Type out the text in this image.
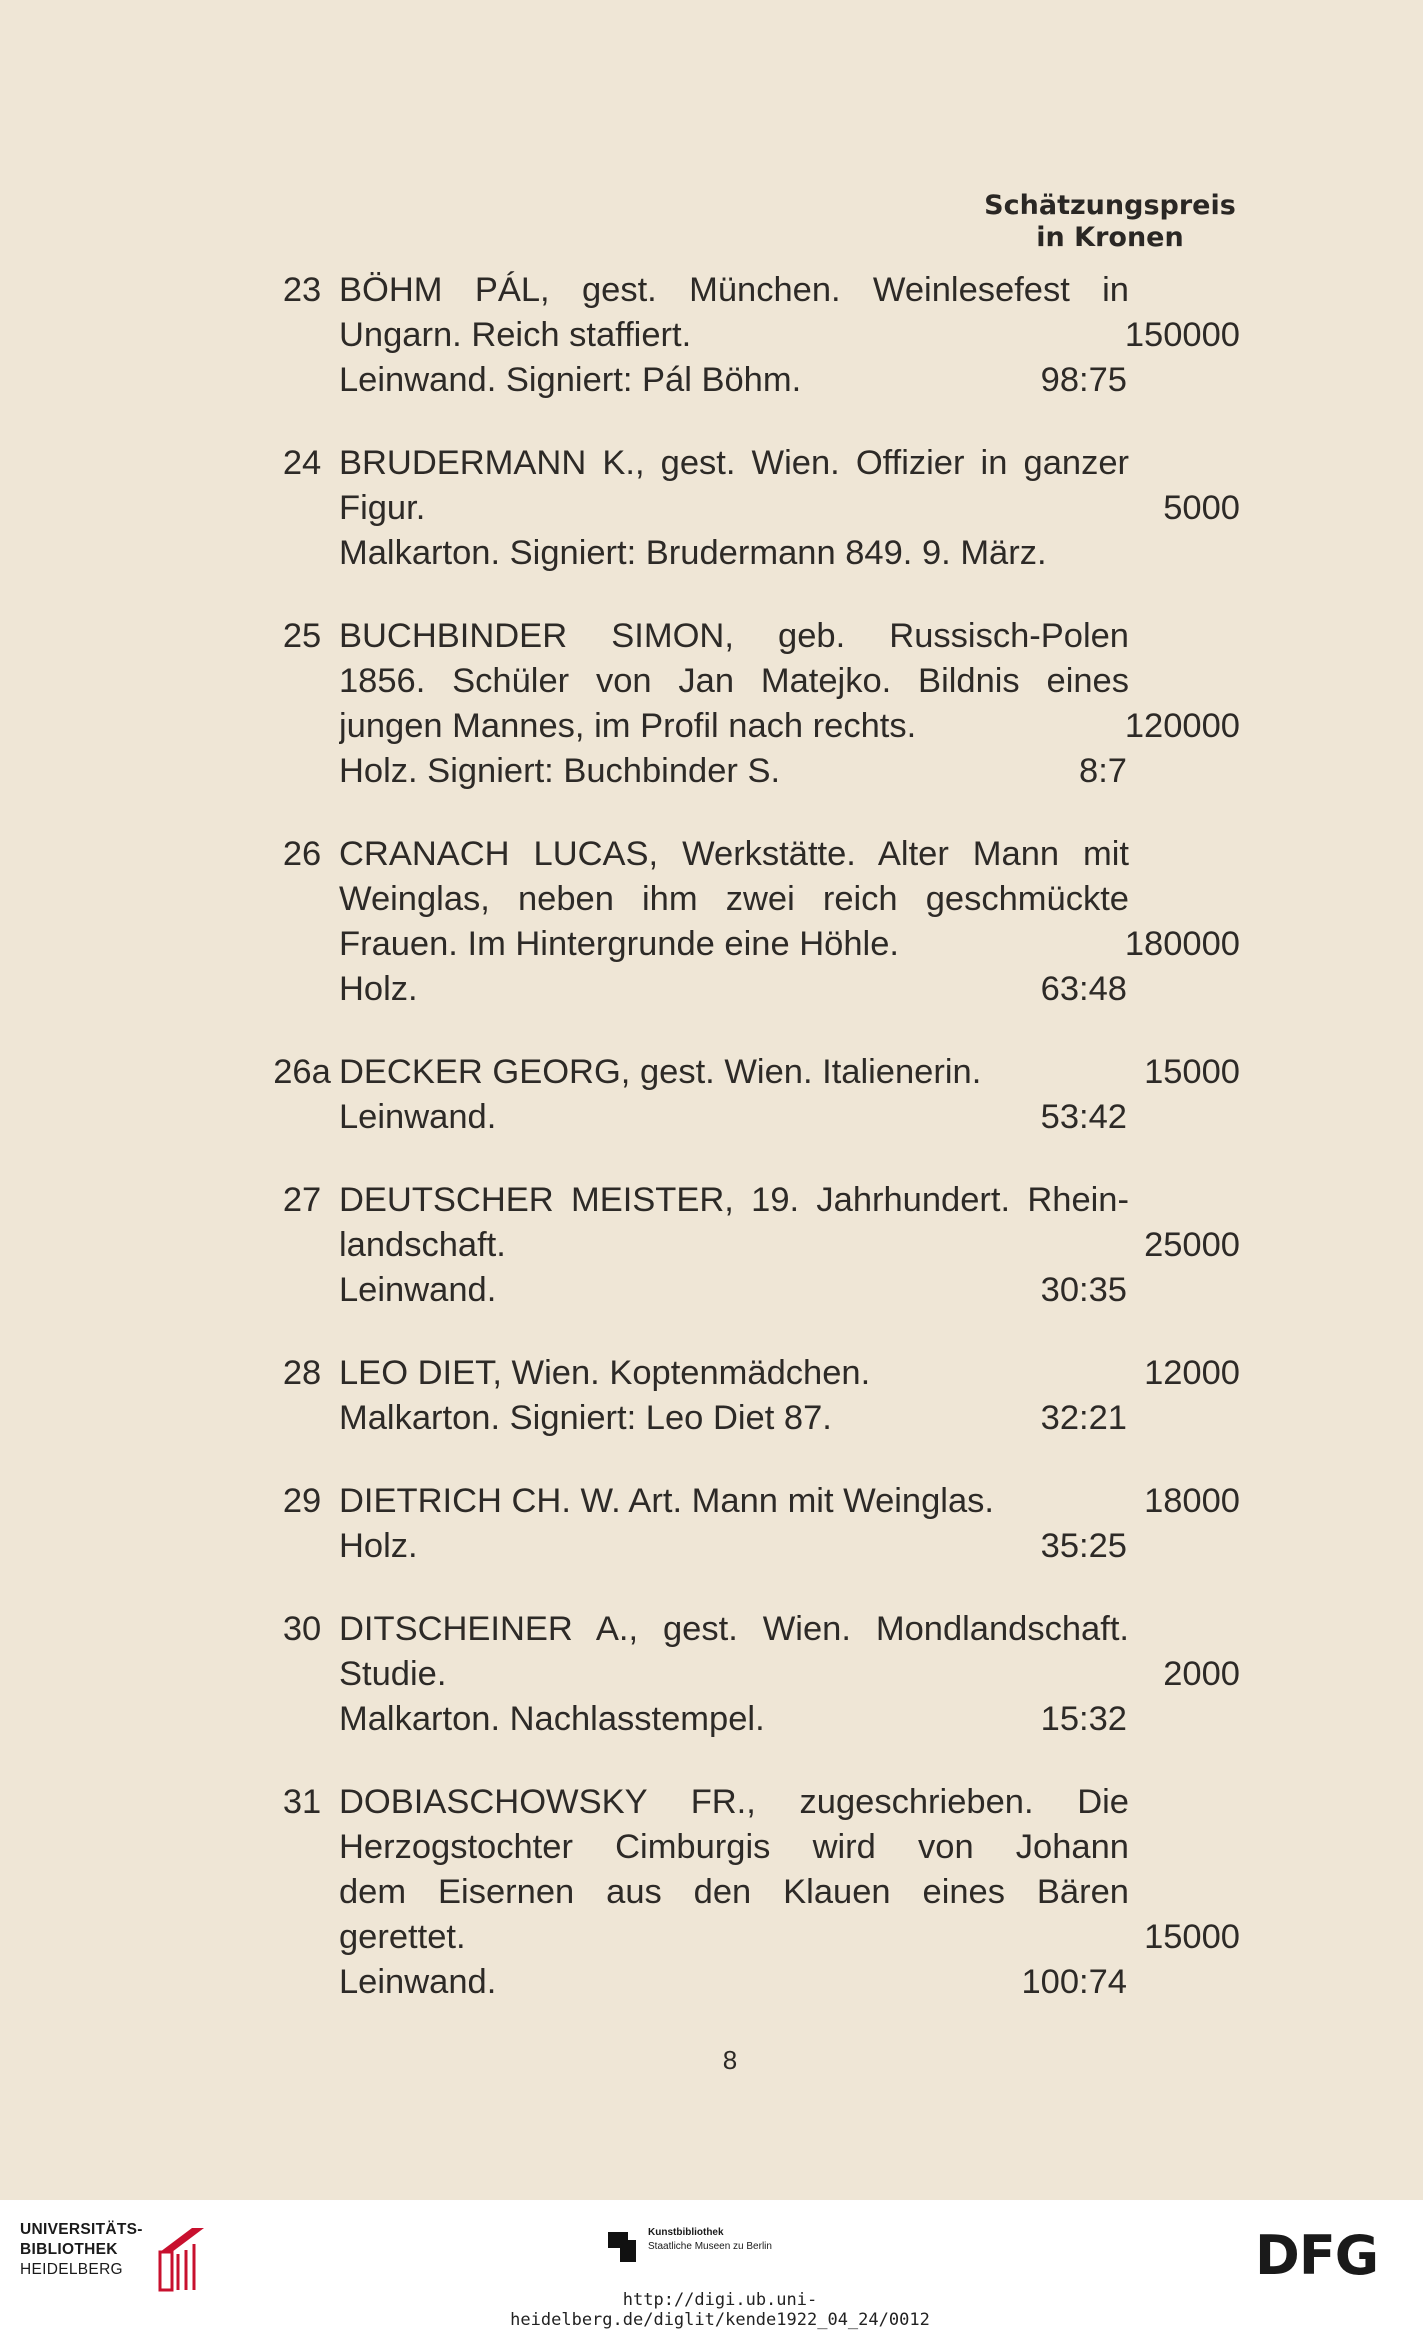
Schätzungspreis
in Kronen
23 BÖHM PÁL, gest. München. Weinlesefest in
Ungarn. Reich staffiert.	150000
Leinwand. Signiert: Pál Böhm.	98:75
24 BRUDERMANN K., gest. Wien. Offizier in ganzer
Figur.	5000
Malkarton. Signiert: Brudermann 849. 9. März.
25 BUCHBINDER SIMON, geb. Russisch-Polen
1856. Schüler von Jan Matejko. Bildnis eines
jungen Mannes, im Profil nach rechts.	120000
Holz. Signiert: Buchbinder S.	8:7
26 CRANACH LUCAS, Werkstätte. Alter Mann mit
Weinglas, neben ihm zwei reich geschmückte
Frauen. Im Hintergrunde eine Höhle.	180000
Holz.	63:48
26a DECKER GEORG, gest. Wien. Italienerin.	15000
Leinwand.	53:42
27 DEUTSCHER MEISTER, 19. Jahrhundert. Rhein-
landschaft.	25000
Leinwand.	30:35
28 LEO DIET, Wien. Koptenmädchen.	12000
Malkarton. Signiert: Leo Diet 87.	32:21
29 DIETRICH CH. W. Art. Mann mit Weinglas.	18000
Holz.	35:25
30 DITSCHEINER A., gest. Wien. Mondlandschaft.
Studie.	2000
Malkarton. Nachlasstempel.	15:32
31 DOBIASCHOWSKY FR., zugeschrieben. Die
Herzogstochter Cimburgis wird von Johann
dem Eisernen aus den Klauen eines Bären
gerettet.	15000
Leinwand.	100:74
8
UNIVERSITÄTS-
BIBLIOTHEK
HEIDELBERG
Kunstbibliothek
Staatliche Museen zu Berlin	DFG
http://digi.ub.uni-heidelberg.de/diglit/kende1922_04_24/0012
